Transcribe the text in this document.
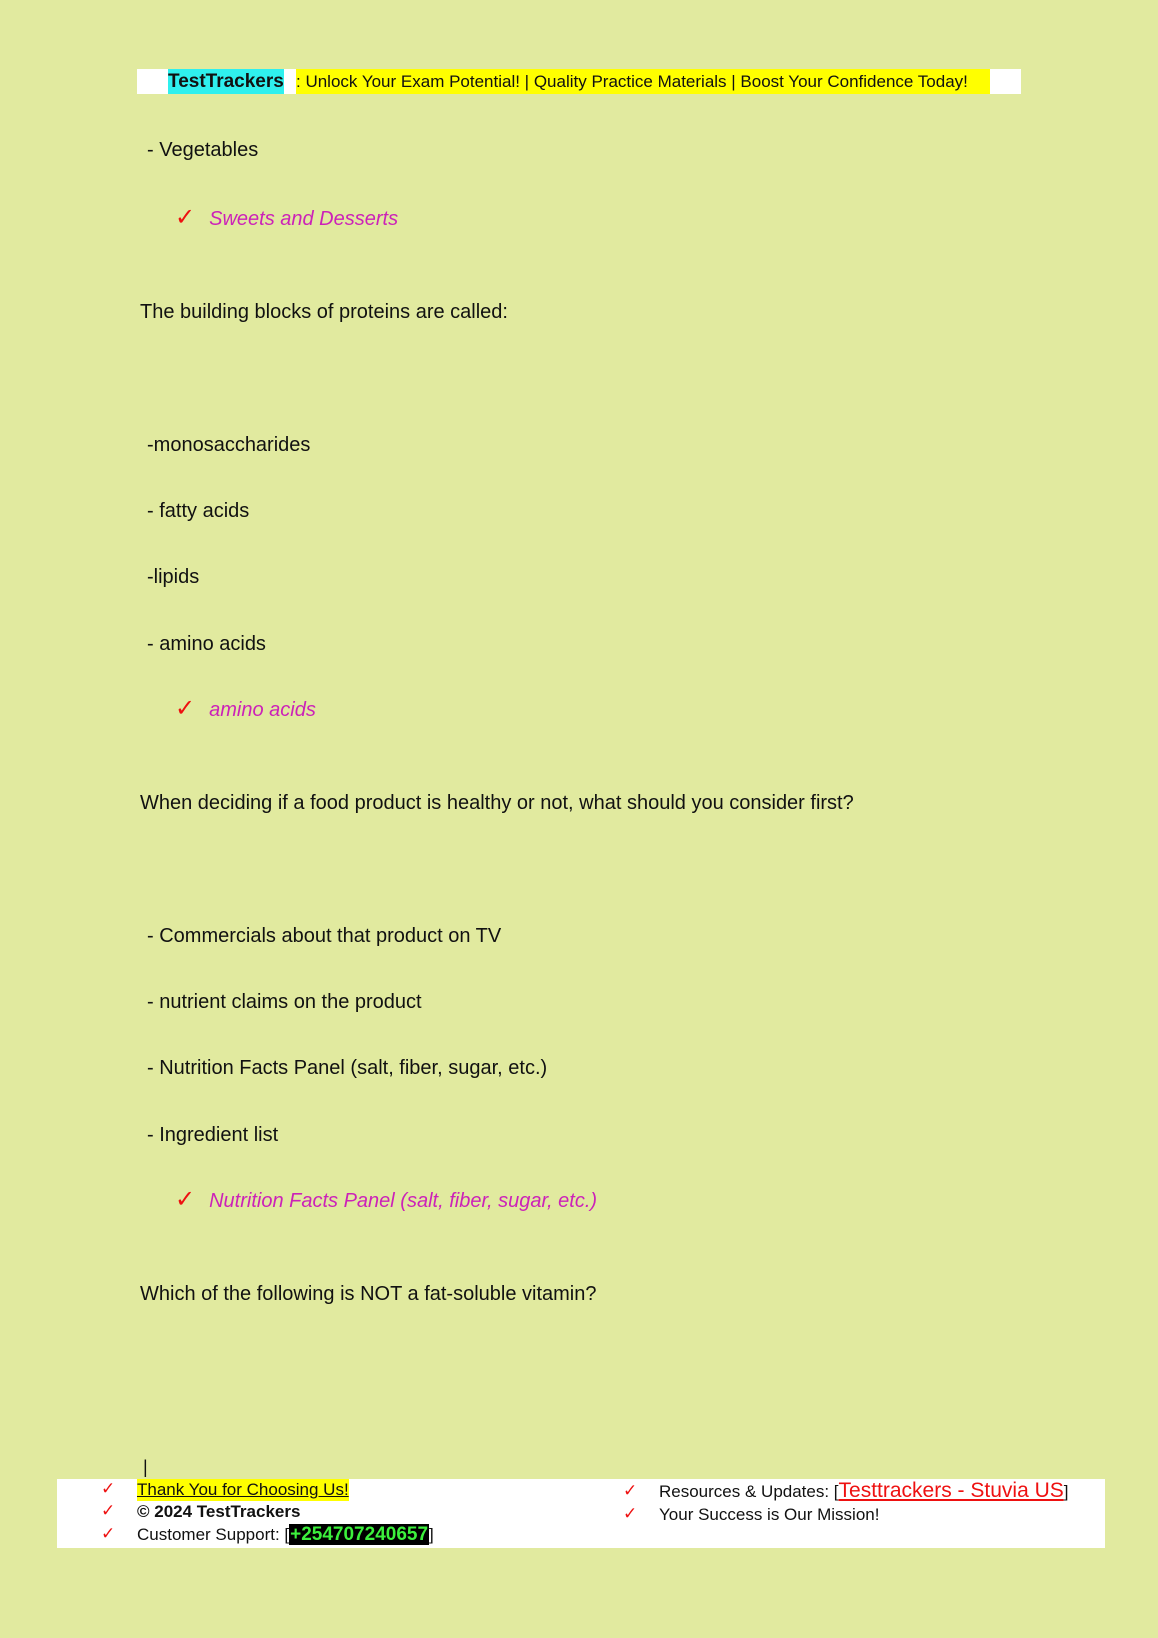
TestTrackers : Unlock Your Exam Potential! | Quality Practice Materials | Boost Your Confidence Today!
- Vegetables
✓ Sweets and Desserts
The building blocks of proteins are called:
-monosaccharides
- fatty acids
-lipids
- amino acids
✓ amino acids
When deciding if a food product is healthy or not, what should you consider first?
- Commercials about that product on TV
- nutrient claims on the product
- Nutrition Facts Panel (salt, fiber, sugar, etc.)
- Ingredient list
✓ Nutrition Facts Panel (salt, fiber, sugar, etc.)
Which of the following is NOT a fat-soluble vitamin?
|
✓ Thank You for Choosing Us!
✓ © 2024 TestTrackers
✓ Customer Support: [+254707240657]
✓ Resources & Updates: [Testtrackers - Stuvia US]
✓ Your Success is Our Mission!
